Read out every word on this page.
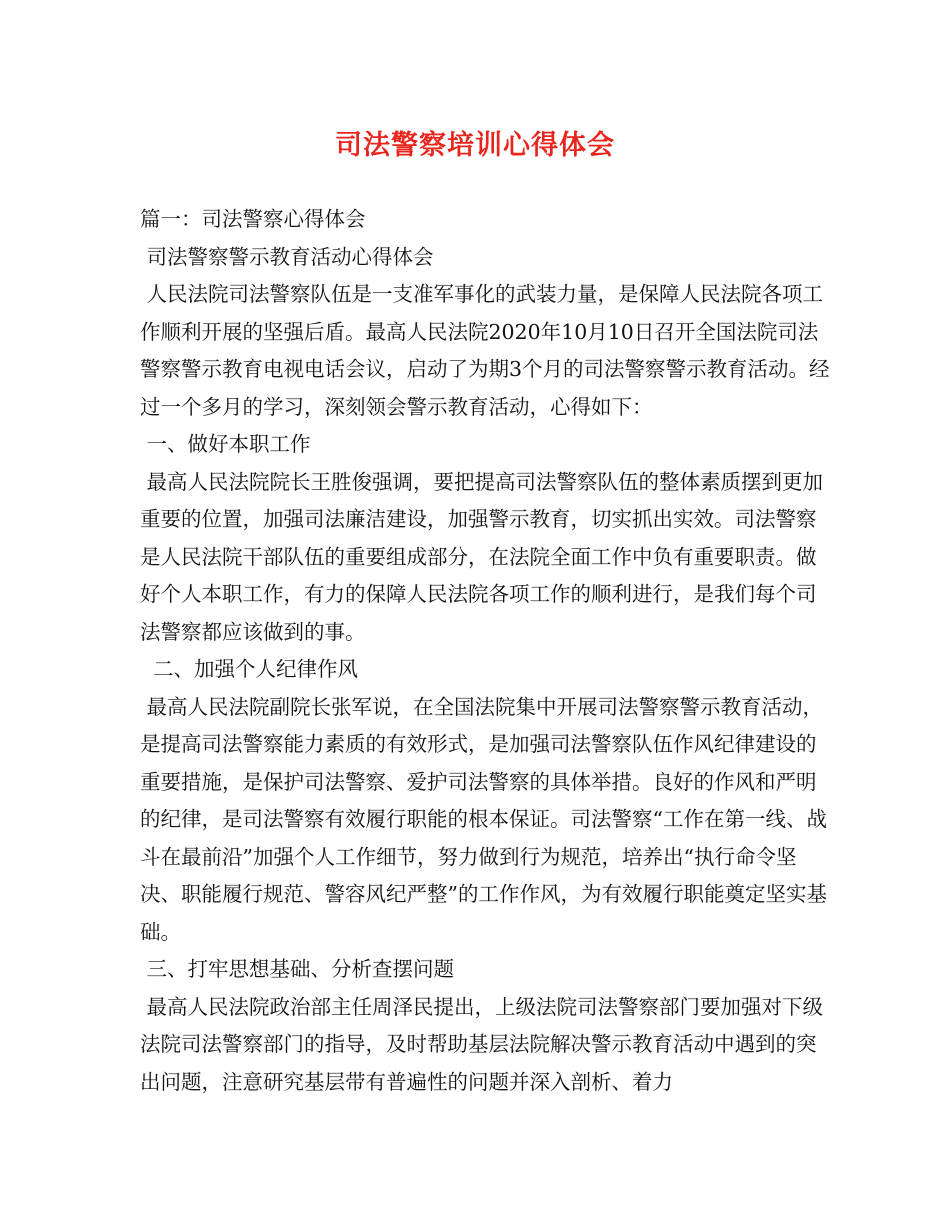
司法警察培训心得体会

篇一：司法警察心得体会

司法警察警示教育活动心得体会

人民法院司法警察队伍是一支准军事化的武装力量，是保障人民法院各项工作顺利开展的坚强后盾。最高人民法院2020年10月10日召开全国法院司法警察警示教育电视电话会议，启动了为期3个月的司法警察警示教育活动。经过一个多月的学习，深刻领会警示教育活动，心得如下：

一、做好本职工作

最高人民法院院长王胜俊强调，要把提高司法警察队伍的整体素质摆到更加重要的位置，加强司法廉洁建设，加强警示教育，切实抓出实效。司法警察是人民法院干部队伍的重要组成部分，在法院全面工作中负有重要职责。做好个人本职工作，有力的保障人民法院各项工作的顺利进行，是我们每个司法警察都应该做到的事。

二、加强个人纪律作风

最高人民法院副院长张军说，在全国法院集中开展司法警察警示教育活动，是提高司法警察能力素质的有效形式，是加强司法警察队伍作风纪律建设的重要措施，是保护司法警察、爱护司法警察的具体举措。良好的作风和严明的纪律，是司法警察有效履行职能的根本保证。司法警察“工作在第一线、战斗在最前沿”加强个人工作细节，努力做到行为规范，培养出“执行命令坚决、职能履行规范、警容风纪严整”的工作作风，为有效履行职能奠定坚实基础。

三、打牢思想基础、分析查摆问题

最高人民法院政治部主任周泽民提出，上级法院司法警察部门要加强对下级法院司法警察部门的指导，及时帮助基层法院解决警示教育活动中遇到的突出问题，注意研究基层带有普遍性的问题并深入剖析、着力
